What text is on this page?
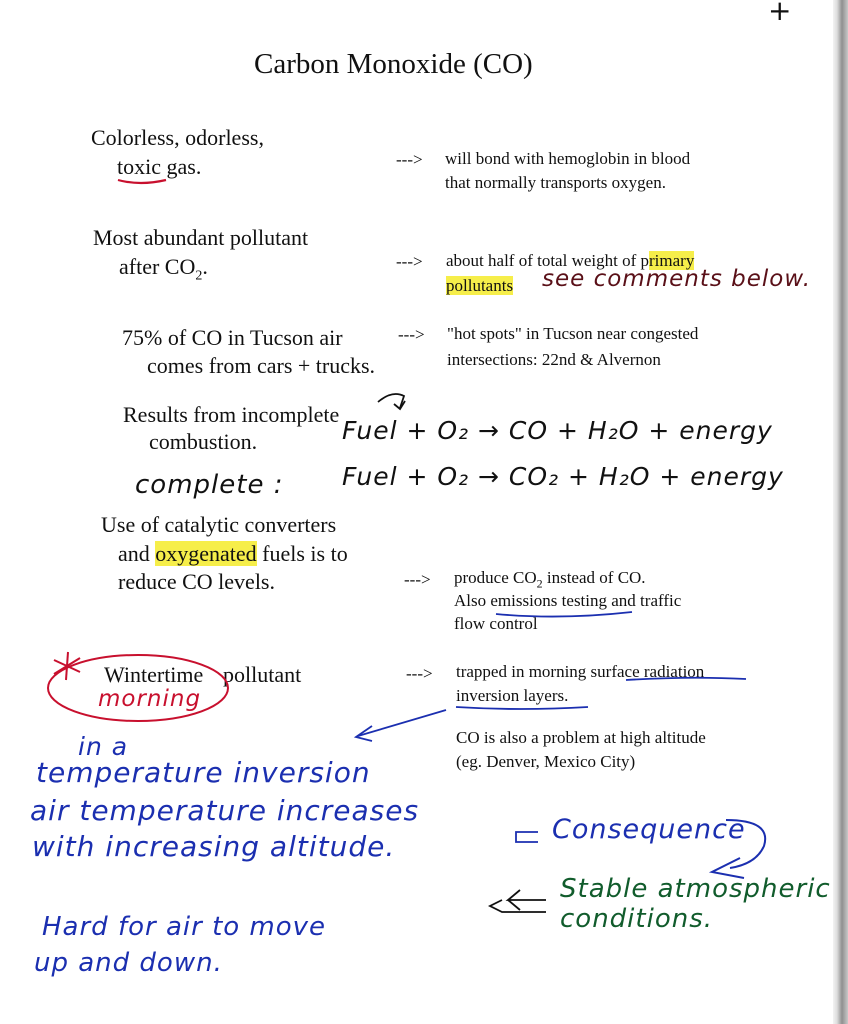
+
Carbon Monoxide (CO)
Colorless, odorless,
toxic gas.	---> will bond with hemoglobin in blood
that normally transports oxygen.
Most abundant pollutant
after $CO_2$.	---> about half of total weight of primary
pollutants see comments below.
75% of CO in Tucson air
comes from cars + trucks.
---> "hot spots" in Tucson near congested
intersections: 22nd & Alvernon
Results from incomplete
combustion.	Fuel + O₂ → CO + H₂O + energy
complete : Fuel + O₂ → CO₂ + H₂O + energy
Use of catalytic converters
and oxygenated fuels is to
reduce CO levels.	---> produce $CO_2$ instead of CO.
Also emissions testing and traffic
flow control
Wintertime pollutant
morning
---> trapped in morning surface radiation
inversion layers.
CO is also a problem at high altitude
(eg. Denver, Mexico City)
in a
temperature inversion
air temperature increases
with increasing altitude.
Hard for air to move
up and down.
Consequence
Stable atmospheric
conditions.
